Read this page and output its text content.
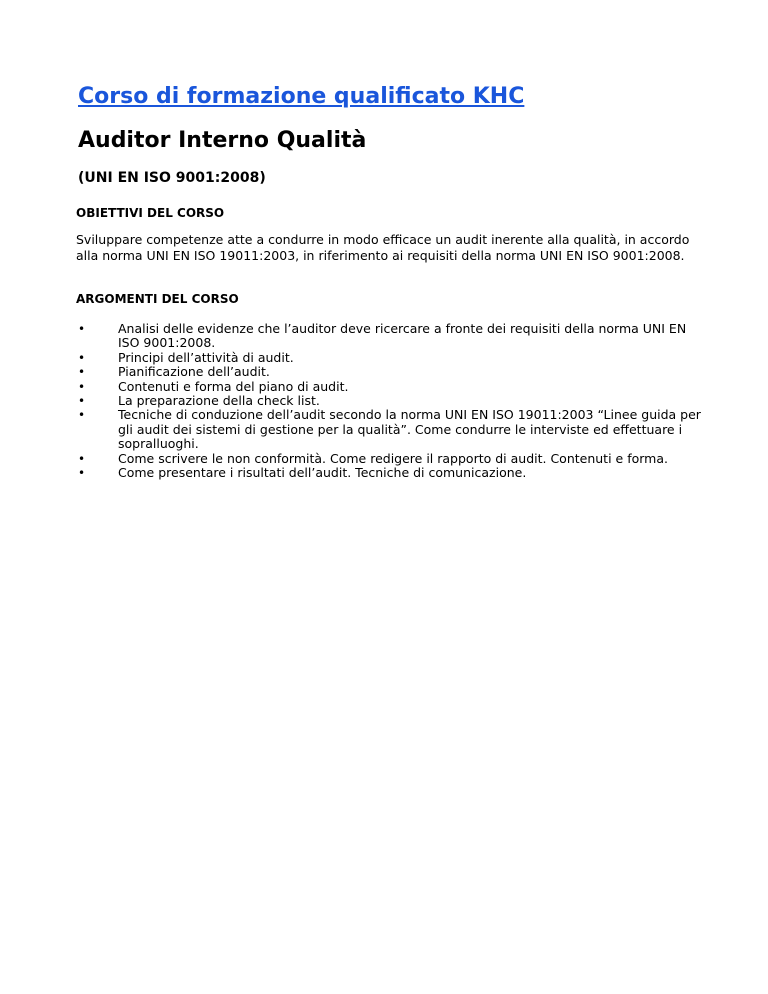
Corso di formazione qualificato KHC
Auditor Interno Qualità
(UNI EN ISO 9001:2008)
OBIETTIVI DEL CORSO
Sviluppare competenze atte a condurre in modo efficace un audit inerente alla qualità, in accordo alla norma UNI EN ISO 19011:2003, in riferimento ai requisiti della norma UNI EN ISO 9001:2008.
ARGOMENTI DEL CORSO
• Analisi delle evidenze che l’auditor deve ricercare a fronte dei requisiti della norma UNI EN ISO 9001:2008.
• Principi dell’attività di audit.
• Pianificazione dell’audit.
• Contenuti e forma del piano di audit.
• La preparazione della check list.
• Tecniche di conduzione dell’audit secondo la norma UNI EN ISO 19011:2003 “Linee guida per gli audit dei sistemi di gestione per la qualità”. Come condurre le interviste ed effettuare i sopralluoghi.
• Come scrivere le non conformità. Come redigere il rapporto di audit. Contenuti e forma.
• Come presentare i risultati dell’audit. Tecniche di comunicazione.
